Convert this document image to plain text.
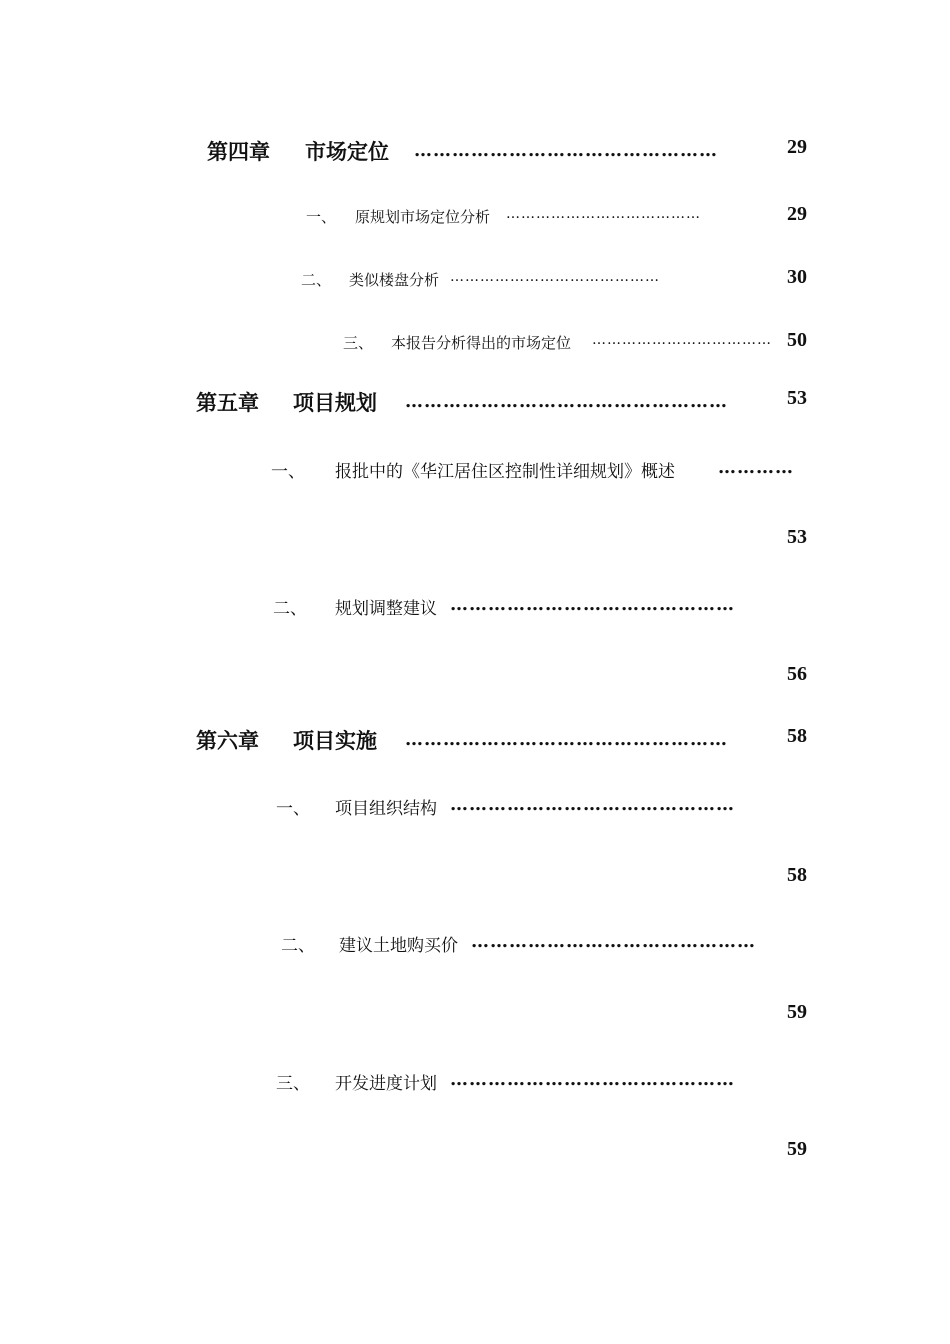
第四章 市场定位 …………………………………………	29
一、 原规划市场定位分析 …………………………………	29
二、 类似楼盘分析 ……………………………………	30
三、 本报告分析得出的市场定位 ……………………………… 50
第五章 项目规划 ……………………………………………	53
一、 报批中的《华江居住区控制性详细规划》概述 …………
53
二、 规划调整建议 ………………………………………
56
第六章 项目实施 ……………………………………………	58
一、 项目组织结构 ………………………………………
58
二、 建议土地购买价 ………………………………………
59
三、 开发进度计划 ………………………………………
59
